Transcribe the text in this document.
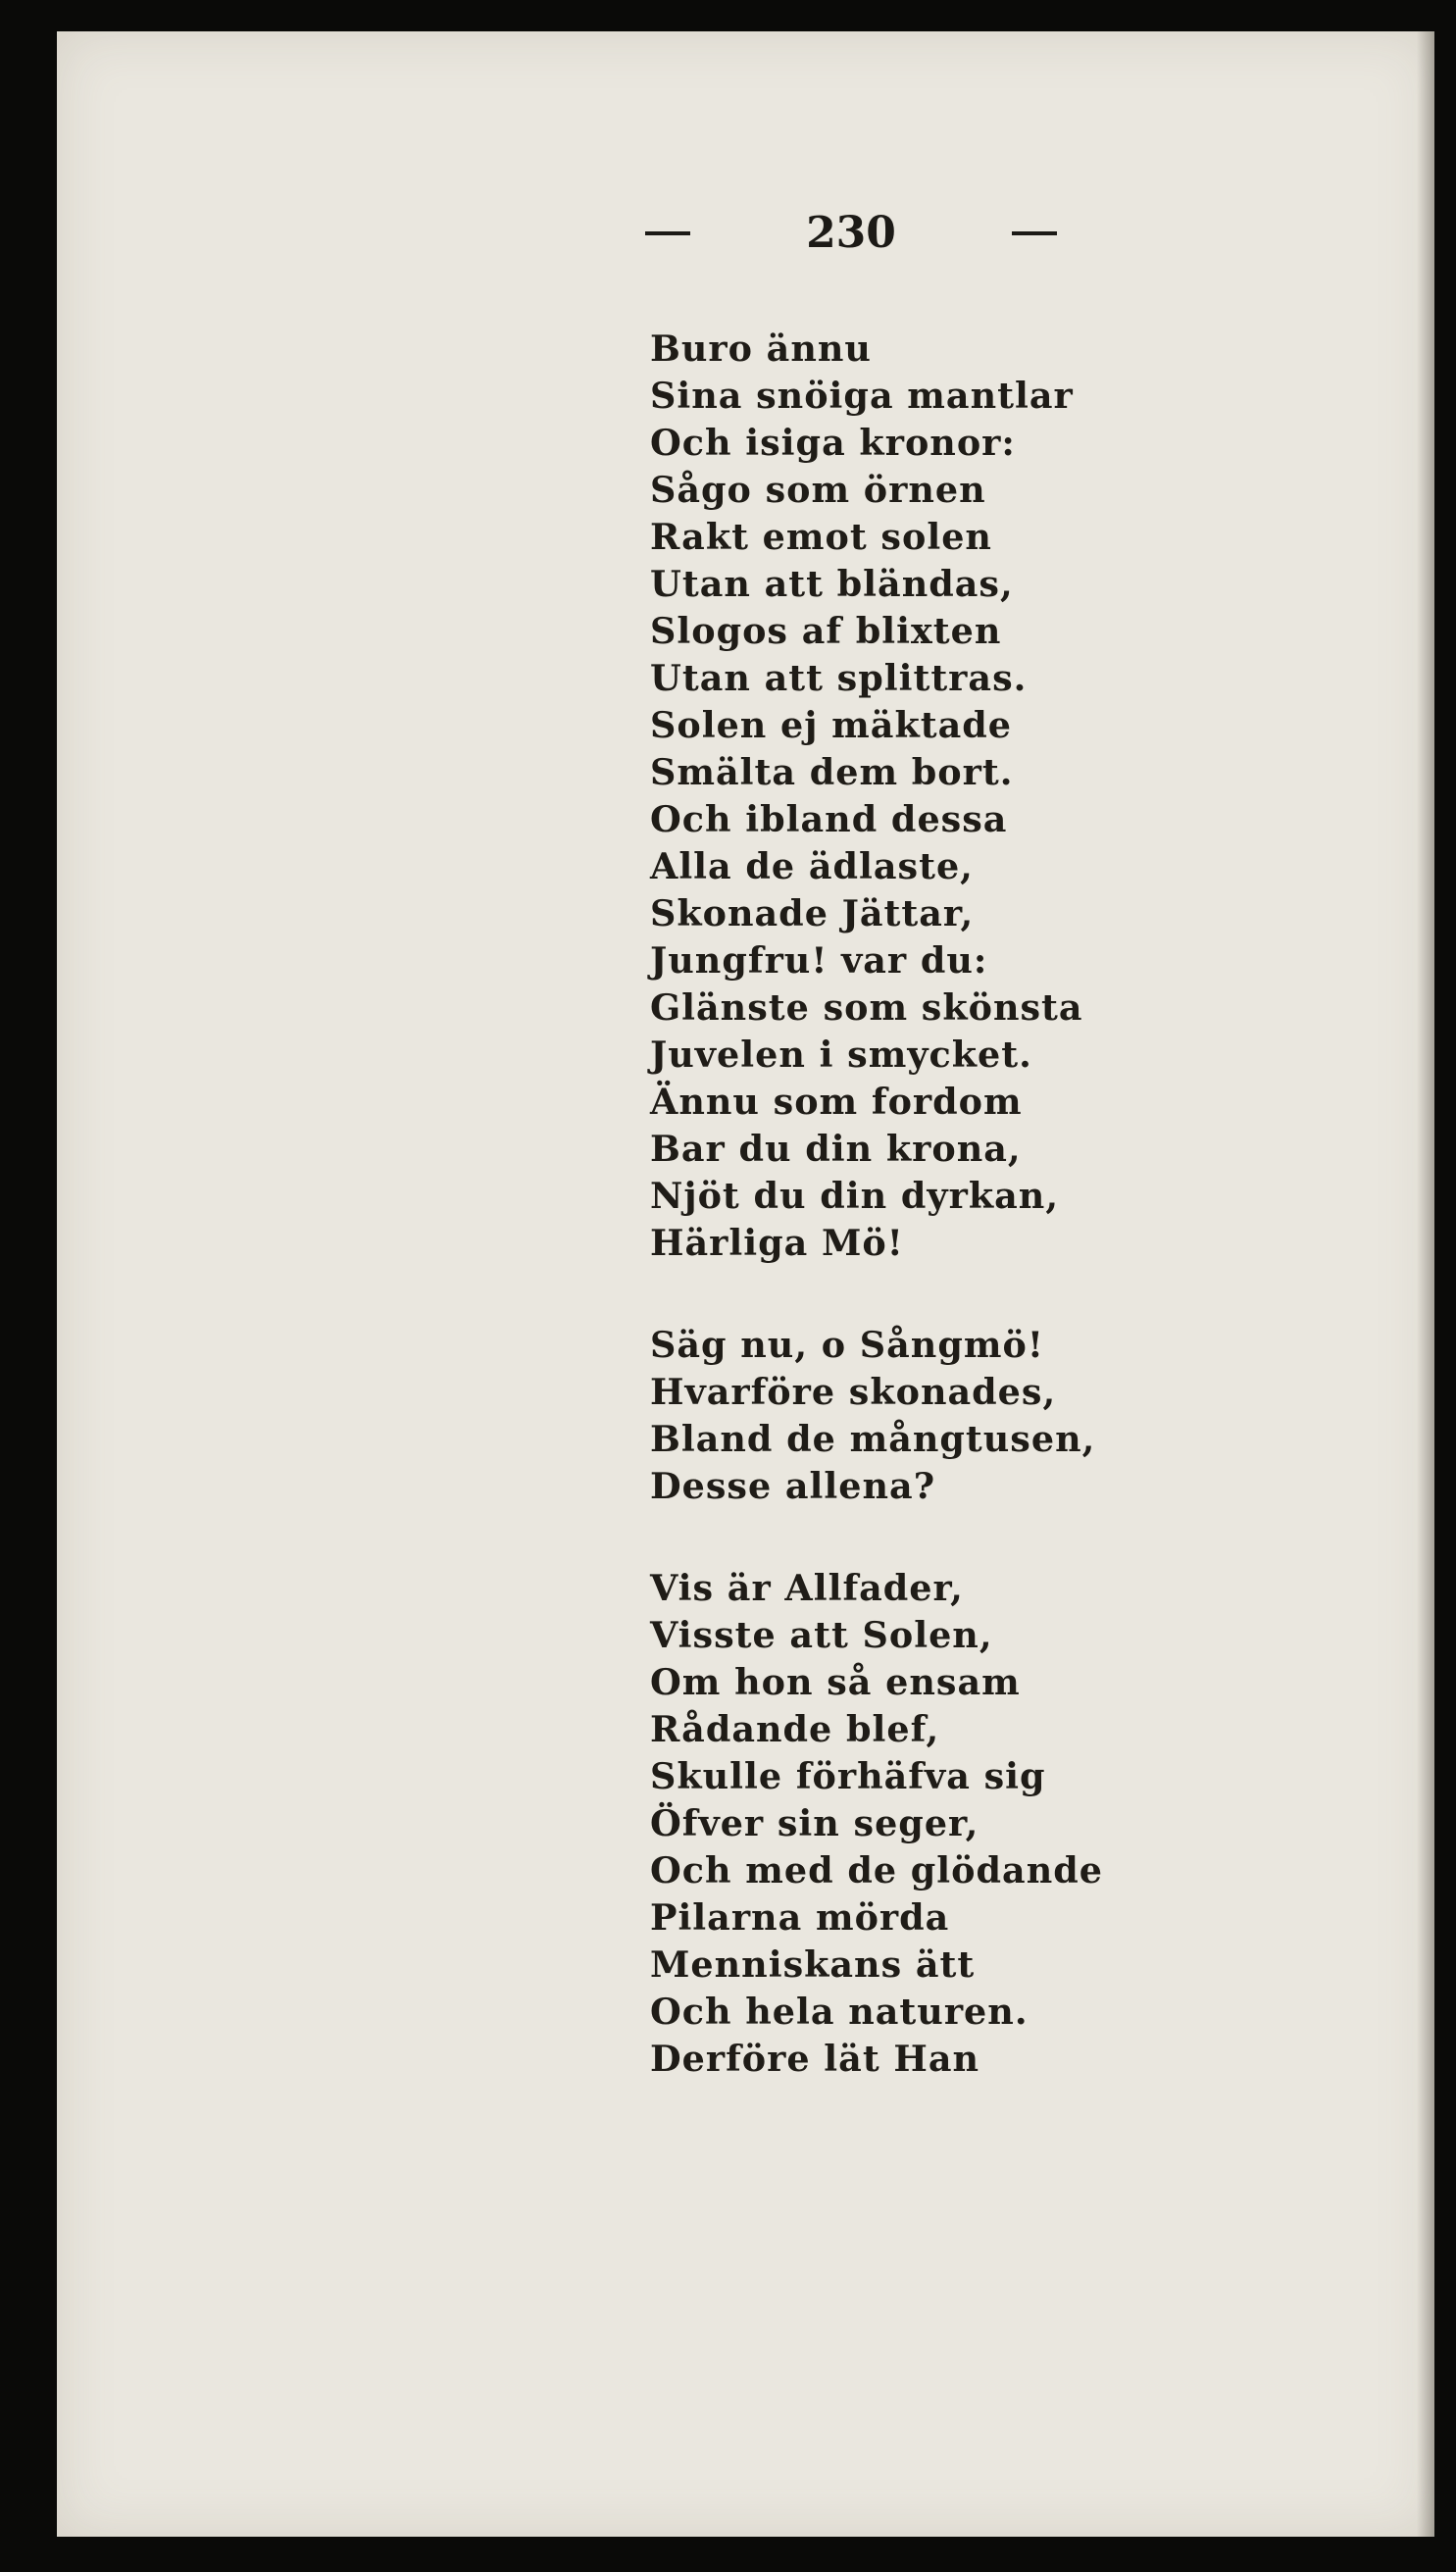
230
Buro ännu
Sina snöiga mantlar
Och isiga kronor:
Sågo som örnen
Rakt emot solen
Utan att bländas,
Slogos af blixten
Utan att splittras.
Solen ej mäktade
Smälta dem bort.
Och ibland dessa
Alla de ädlaste,
Skonade Jättar,
Jungfru! var du:
Glänste som skönsta
Juvelen i smycket.
Ännu som fordom
Bar du din krona,
Njöt du din dyrkan,
Härliga Mö!
Säg nu, o Sångmö!
Hvarföre skonades,
Bland de mångtusen,
Desse allena?
Vis är Allfader,
Visste att Solen,
Om hon så ensam
Rådande blef,
Skulle förhäfva sig
Öfver sin seger,
Och med de glödande
Pilarna mörda
Menniskans ätt
Och hela naturen.
Derföre lät Han
